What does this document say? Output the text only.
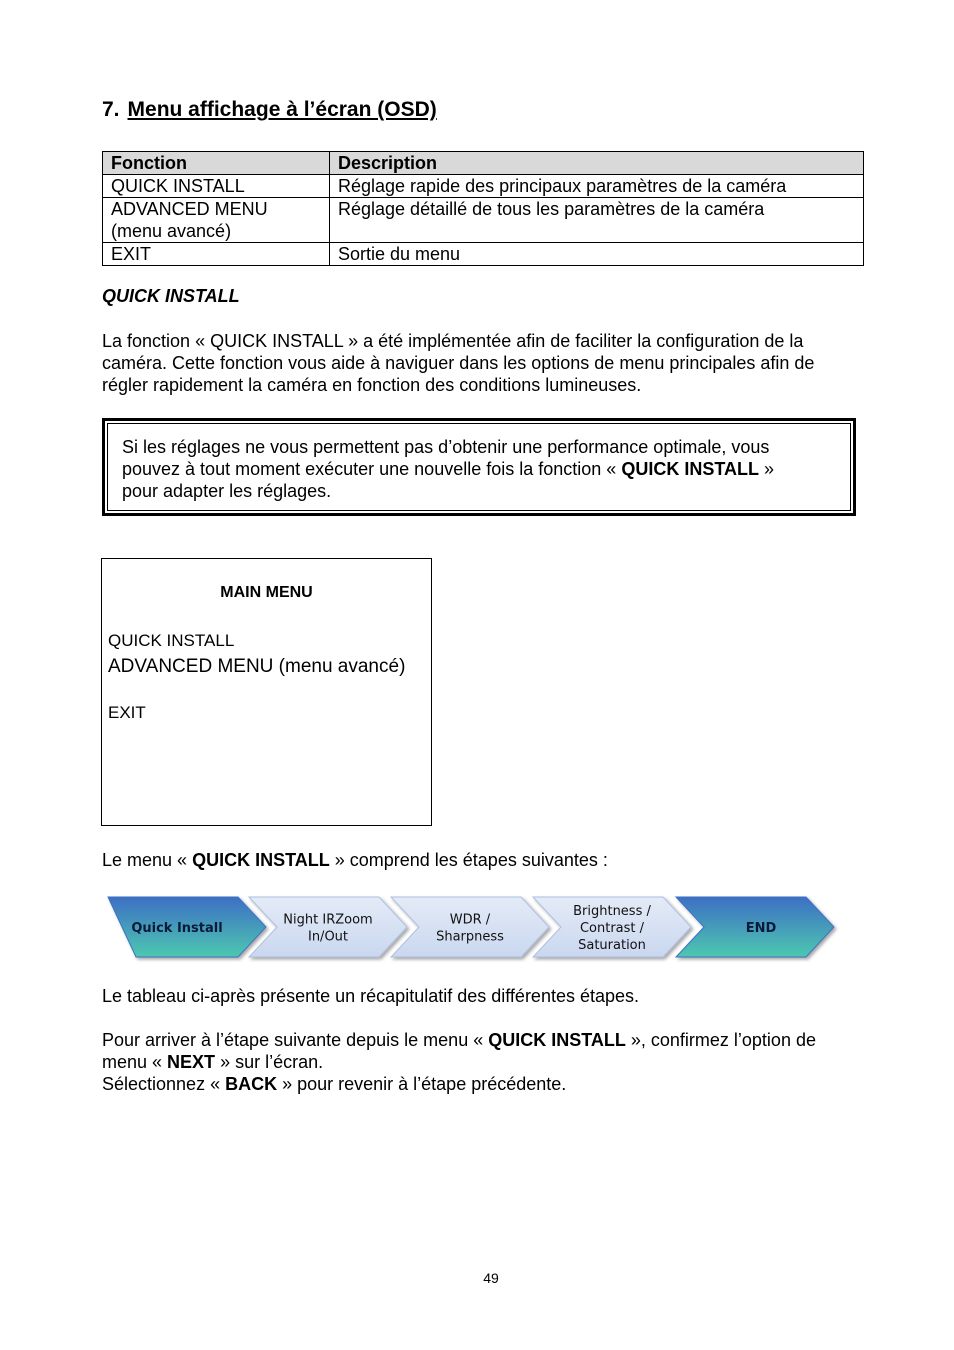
7. Menu affichage à l’écran (OSD)
Fonction	Description
QUICK INSTALL	Réglage rapide des principaux paramètres de la caméra
ADVANCED MENU (menu avancé)	Réglage détaillé de tous les paramètres de la caméra
EXIT	Sortie du menu
QUICK INSTALL
La fonction « QUICK INSTALL » a été implémentée afin de faciliter la configuration de la
caméra. Cette fonction vous aide à naviguer dans les options de menu principales afin de
régler rapidement la caméra en fonction des conditions lumineuses.
Si les réglages ne vous permettent pas d’obtenir une performance optimale, vous
pouvez à tout moment exécuter une nouvelle fois la fonction « QUICK INSTALL »
pour adapter les réglages.
MAIN MENU
QUICK INSTALL
ADVANCED MENU (menu avancé)
EXIT
Le menu « QUICK INSTALL » comprend les étapes suivantes :
Quick Install
Night IRZoom
In/Out
WDR /
Sharpness
Brightness /
Contrast /
Saturation
END
Le tableau ci-après présente un récapitulatif des différentes étapes.
Pour arriver à l’étape suivante depuis le menu « QUICK INSTALL », confirmez l’option de
menu « NEXT » sur l’écran.
Sélectionnez « BACK » pour revenir à l’étape précédente.
49
